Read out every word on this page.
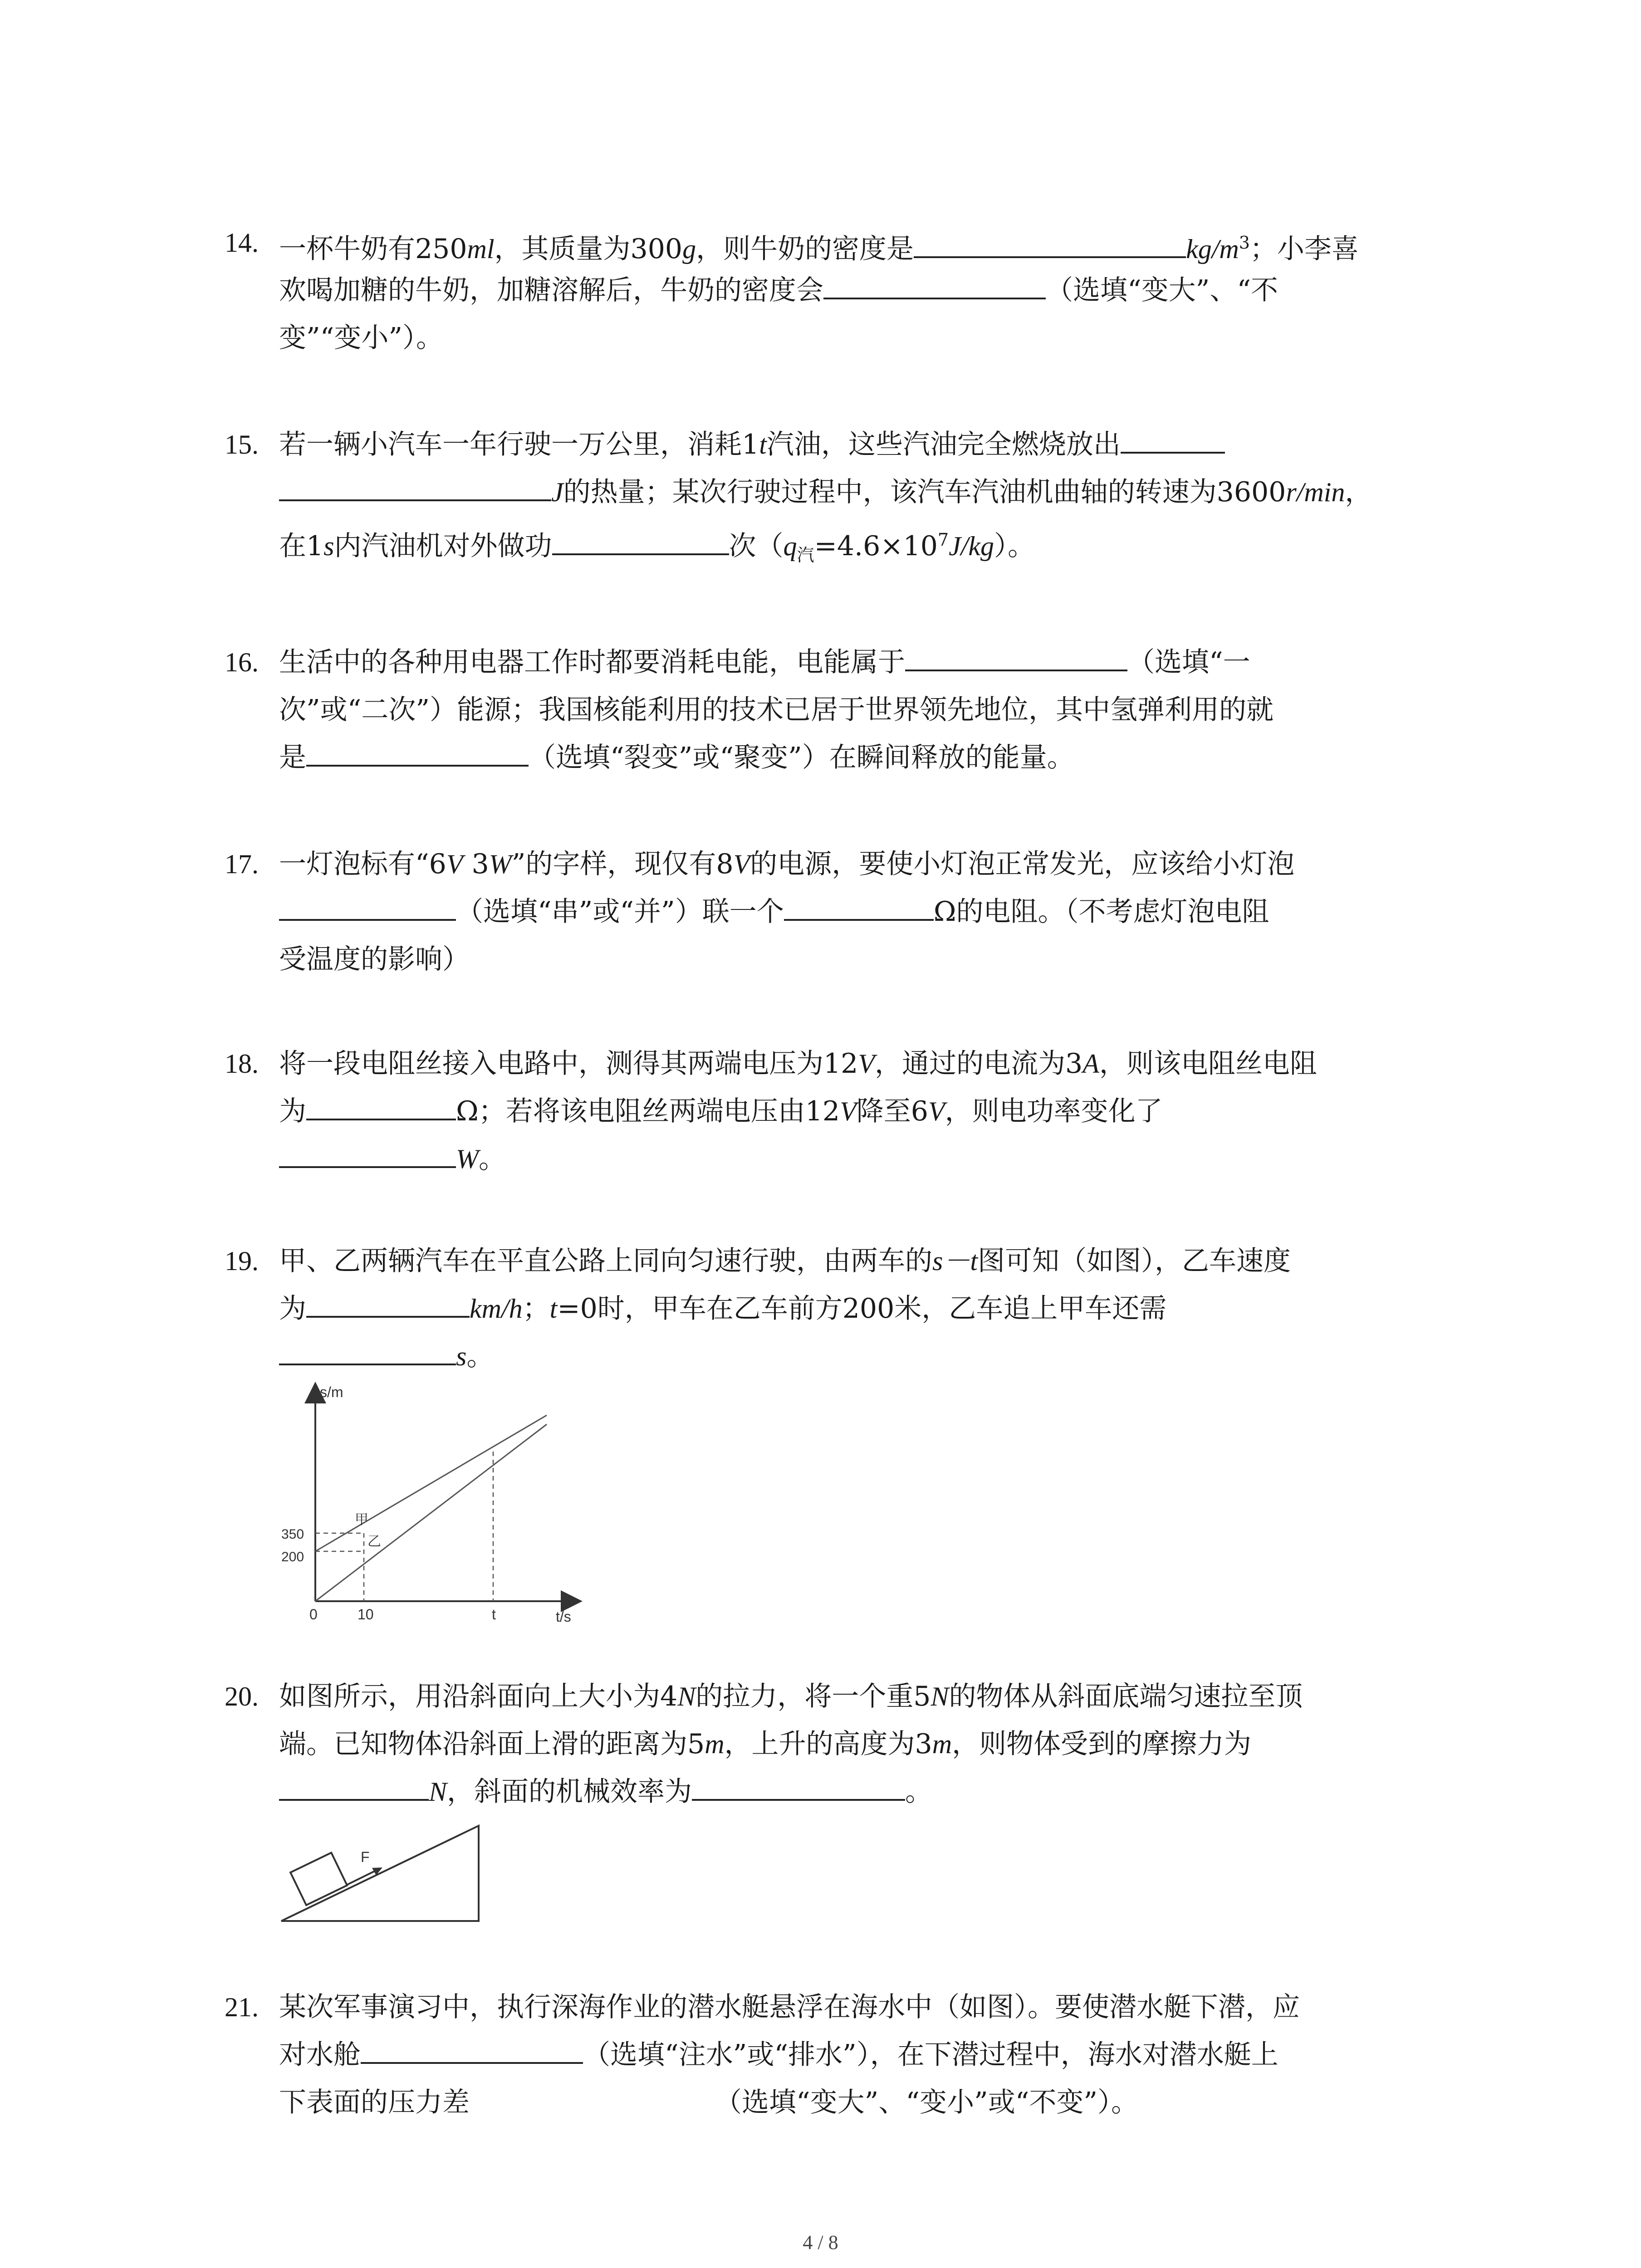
14. 一杯牛奶有250ml，其质量为300g，则牛奶的密度是	$kg/m^3$；小李喜
欢喝加糖的牛奶，加糖溶解后，牛奶的密度会	（选填“变大”、“不
变”“变小”）。
15. 若一辆小汽车一年行驶一万公里，消耗1t汽油，这些汽油完全燃烧放出
J的热量；某次行驶过程中，该汽车汽油机曲轴的转速为3600r/min，
在1s内汽油机对外做功	次$(q_汽=4.6\times 10^7J/kg)$。
16. 生活中的各种用电器工作时都要消耗电能，电能属于	（选填“一
次”或“二次”）能源；我国核能利用的技术已居于世界领先地位，其中氢弹利用的就
是	（选填“裂变”或“聚变”）在瞬间释放的能量。
17. 一灯泡标有“6V 3W”的字样，现仅有8V的电源，要使小灯泡正常发光，应该给小灯泡
（选填“串”或“并”）联一个	Ω的电阻。（不考虑灯泡电阻
受温度的影响）
18. 将一段电阻丝接入电路中，测得其两端电压为12V，通过的电流为3A，则该电阻丝电阻
为	Ω；若将该电阻丝两端电压由12V降至6V，则电功率变化了
W。
19. 甲、乙两辆汽车在平直公路上同向匀速行驶，由两车的s－t图可知（如图），乙车速度
为	km/h；t=0时，甲车在乙车前方200米，乙车追上甲车还需
s。
s/m
t/s
0	10	t
350
200
甲
乙
20. 如图所示，用沿斜面向上大小为4N的拉力，将一个重5N的物体从斜面底端匀速拉至顶
端。已知物体沿斜面上滑的距离为5m，上升的高度为3m，则物体受到的摩擦力为
N，斜面的机械效率为	。
F
21. 某次军事演习中，执行深海作业的潜水艇悬浮在海水中（如图）。要使潜水艇下潜，应
对水舱	（选填“注水”或“排水”），在下潜过程中，海水对潜水艇上
下表面的压力差	（选填“变大”、“变小”或“不变”）。
4 / 8
